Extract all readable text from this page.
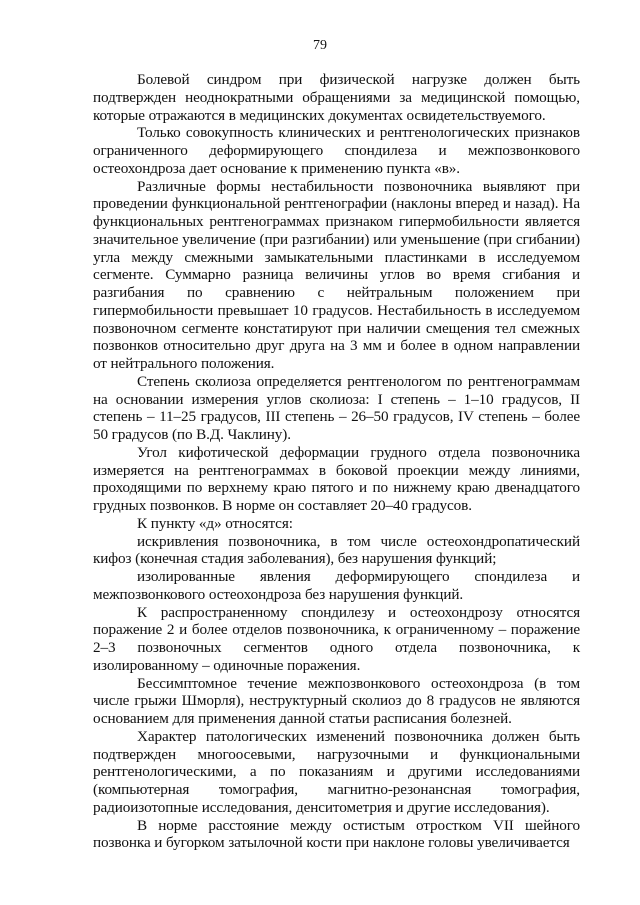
79

Болевой синдром при физической нагрузке должен быть подтвержден неоднократными обращениями за медицинской помощью, которые отражаются в медицинских документах освидетельствуемого.

Только совокупность клинических и рентгенологических признаков ограниченного деформирующего спондилеза и межпозвонкового остеохондроза дает основание к применению пункта «в».

Различные формы нестабильности позвоночника выявляют при проведении функциональной рентгенографии (наклоны вперед и назад). На функциональных рентгенограммах признаком гипермобильности является значительное увеличение (при разгибании) или уменьшение (при сгибании) угла между смежными замыкательными пластинками в исследуемом сегменте. Суммарно разница величины углов во время сгибания и разгибания по сравнению с нейтральным положением при гипермобильности превышает 10 градусов. Нестабильность в исследуемом позвоночном сегменте констатируют при наличии смещения тел смежных позвонков относительно друг друга на 3 мм и более в одном направлении от нейтрального положения.

Степень сколиоза определяется рентгенологом по рентгенограммам на основании измерения углов сколиоза: I степень – 1–10 градусов, II степень – 11–25 градусов, III степень – 26–50 градусов, IV степень – более 50 градусов (по В.Д. Чаклину).

Угол кифотической деформации грудного отдела позвоночника измеряется на рентгенограммах в боковой проекции между линиями, проходящими по верхнему краю пятого и по нижнему краю двенадцатого грудных позвонков. В норме он составляет 20–40 градусов.

К пункту «д» относятся:

искривления позвоночника, в том числе остеохондропатический кифоз (конечная стадия заболевания), без нарушения функций;

изолированные явления деформирующего спондилеза и межпозвонкового остеохондроза без нарушения функций.

К распространенному спондилезу и остеохондрозу относятся поражение 2 и более отделов позвоночника, к ограниченному – поражение 2–3 позвоночных сегментов одного отдела позвоночника, к изолированному – одиночные поражения.

Бессимптомное течение межпозвонкового остеохондроза (в том числе грыжи Шморля), неструктурный сколиоз до 8 градусов не являются основанием для применения данной статьи расписания болезней.

Характер патологических изменений позвоночника должен быть подтвержден многоосевыми, нагрузочными и функциональными рентгенологическими, а по показаниям и другими исследованиями (компьютерная томография, магнитно-резонансная томография, радиоизотопные исследования, денситометрия и другие исследования).

В норме расстояние между остистым отростком VII шейного позвонка и бугорком затылочной кости при наклоне головы увеличивается
